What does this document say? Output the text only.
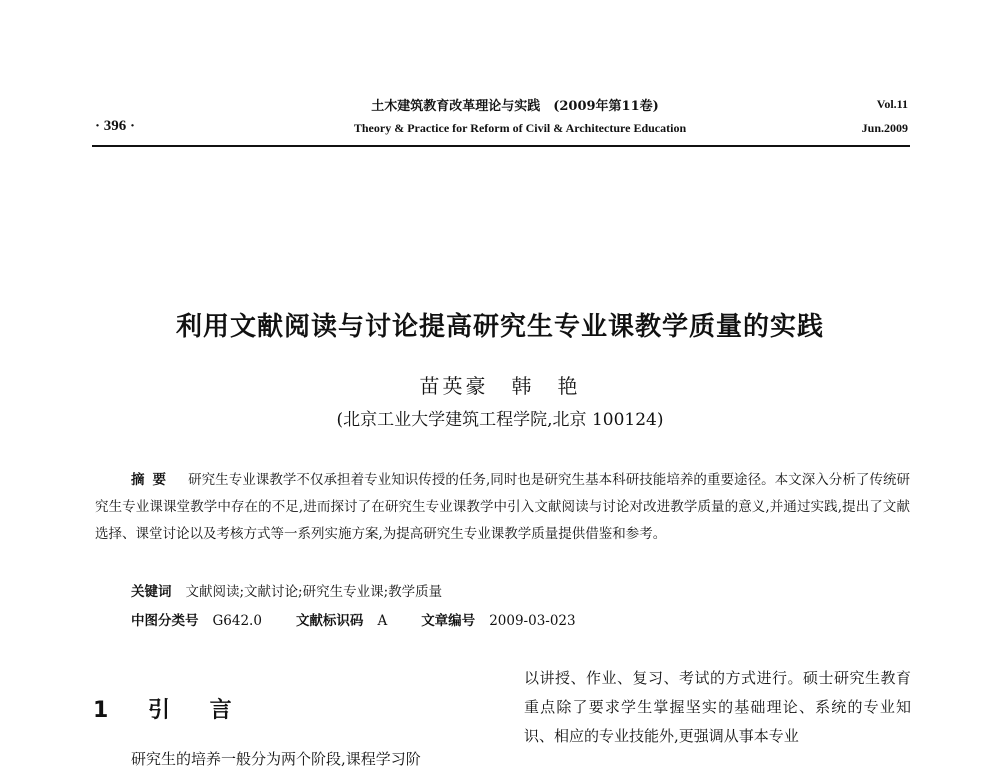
土木建筑教育改革理论与实践　(2009年第11卷)
Theory & Practice for Reform of Civil & Architecture Education
· 396 ·
Vol.11
Jun.2009
利用文献阅读与讨论提高研究生专业课教学质量的实践
苗英豪　韩　艳
(北京工业大学建筑工程学院,北京 100124)
摘要 研究生专业课教学不仅承担着专业知识传授的任务,同时也是研究生基本科研技能培养的重要途径。本文深入分析了传统研究生专业课课堂教学中存在的不足,进而探讨了在研究生专业课教学中引入文献阅读与讨论对改进教学质量的意义,并通过实践,提出了文献选择、课堂讨论以及考核方式等一系列实施方案,为提高研究生专业课教学质量提供借鉴和参考。
关键词 文献阅读;文献讨论;研究生专业课;教学质量
中图分类号 G642.0	文献标识码 A	文章编号 2009-03-023
1 引 言
以讲授、作业、复习、考试的方式进行。硕士研究生教育重点除了要求学生掌握坚实的基础理论、系统的专业知识、相应的专业技能外,更强调从事本专业
研究生的培养一般分为两个阶段,课程学习阶
